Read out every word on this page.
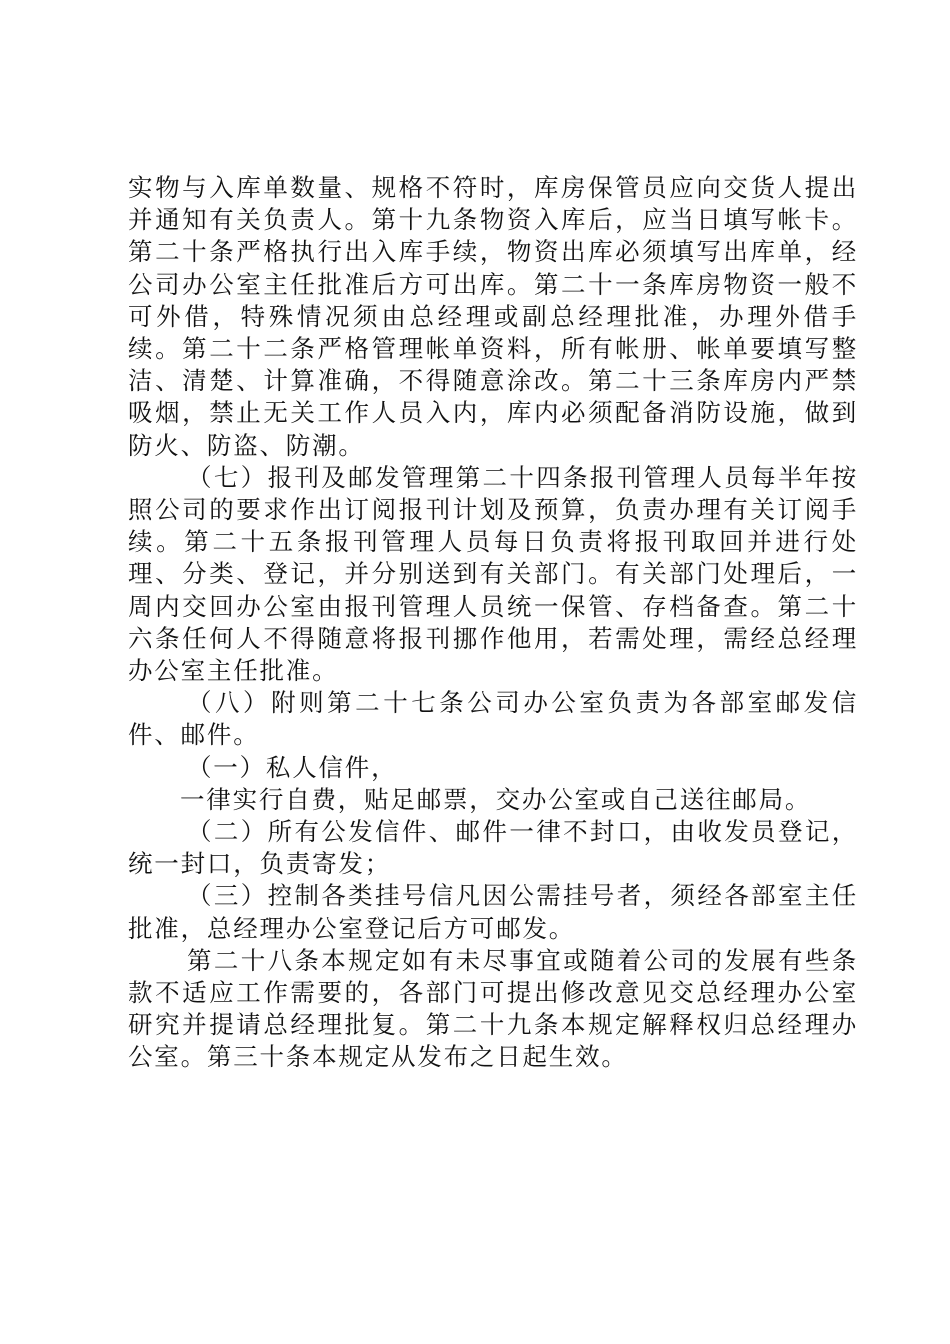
实物与入库单数量、规格不符时，库房保管员应向交货人提出并通知有关负责人。第十九条物资入库后，应当日填写帐卡。第二十条严格执行出入库手续，物资出库必须填写出库单，经公司办公室主任批准后方可出库。第二十一条库房物资一般不可外借，特殊情况须由总经理或副总经理批准，办理外借手续。第二十二条严格管理帐单资料，所有帐册、帐单要填写整洁、清楚、计算准确，不得随意涂改。第二十三条库房内严禁吸烟，禁止无关工作人员入内，库内必须配备消防设施，做到防火、防盗、防潮。

（七）报刊及邮发管理第二十四条报刊管理人员每半年按照公司的要求作出订阅报刊计划及预算，负责办理有关订阅手续。第二十五条报刊管理人员每日负责将报刊取回并进行处理、分类、登记，并分别送到有关部门。有关部门处理后，一周内交回办公室由报刊管理人员统一保管、存档备查。第二十六条任何人不得随意将报刊挪作他用，若需处理，需经总经理办公室主任批准。

（八）附则第二十七条公司办公室负责为各部室邮发信件、邮件。

（一）私人信件，

一律实行自费，贴足邮票，交办公室或自己送往邮局。

（二）所有公发信件、邮件一律不封口，由收发员登记，统一封口，负责寄发；

（三）控制各类挂号信凡因公需挂号者，须经各部室主任批准，总经理办公室登记后方可邮发。

第二十八条本规定如有未尽事宜或随着公司的发展有些条款不适应工作需要的，各部门可提出修改意见交总经理办公室研究并提请总经理批复。第二十九条本规定解释权归总经理办公室。第三十条本规定从发布之日起生效。
